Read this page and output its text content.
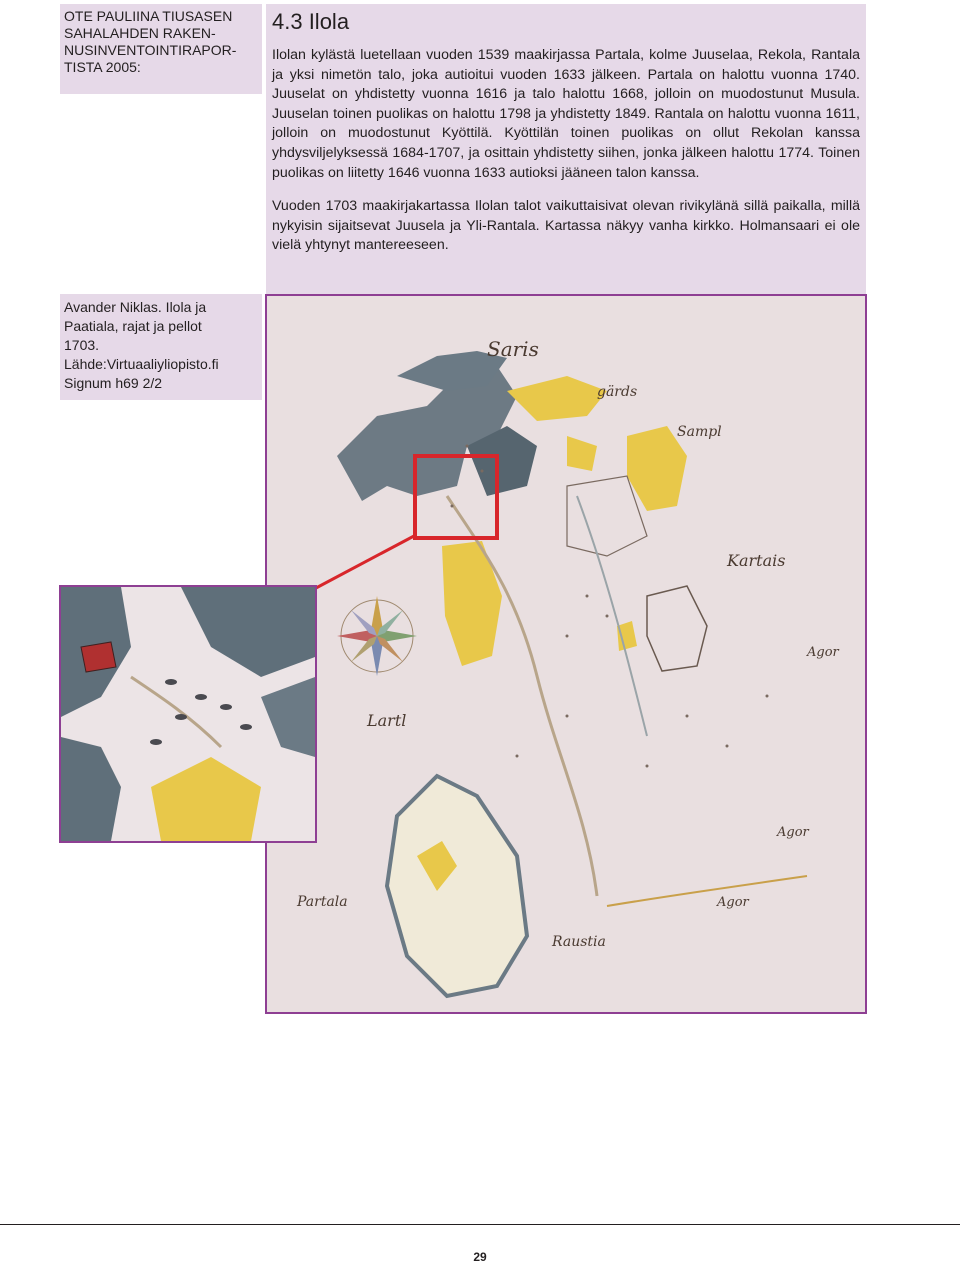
OTE PAULIINA TIUSASEN
SAHALAHDEN RAKEN-
NUSINVENTOINTIRAPOR-
TISTA 2005:
4.3 Ilola

Ilolan kylästä luetellaan vuoden 1539 maakirjassa Partala, kolme Juuselaa, Rekola, Rantala ja yksi nimetön talo, joka autioitui vuoden 1633 jälkeen. Partala on halottu vuonna 1740. Juuselat on yhdistetty vuonna 1616 ja talo halottu 1668, jolloin on muodostunut Musula. Juuselan toinen puolikas on halottu 1798 ja yhdistetty 1849. Rantala on halottu vuonna 1611, jolloin on muodostunut Kyöttilä. Kyöttilän toinen puolikas on ollut Rekolan kanssa yhdysviljelyksessä 1684-1707, ja osittain yhdistetty siihen, jonka jälkeen halottu 1774. Toinen puolikas on liitetty 1646 vuonna 1633 autioksi jääneen talon kanssa.

Vuoden 1703 maakirjakartassa Ilolan talot vaikuttaisivat olevan rivikylänä sillä paikalla, millä nykyisin sijaitsevat Juusela ja Yli-Rantala. Kartassa näkyy vanha kirkko. Holmansaari ei ole vielä yhtynyt mantereeseen.

Avander Niklas. Ilola ja
Paatiala, rajat ja pellot
1703.
Lähde:Virtuaaliyliopisto.fi
Signum h69 2/2
Saris
gärds
Sampl
Kartais
Lartl
Partala
Raustia
Agor
Agor
Agor
29
